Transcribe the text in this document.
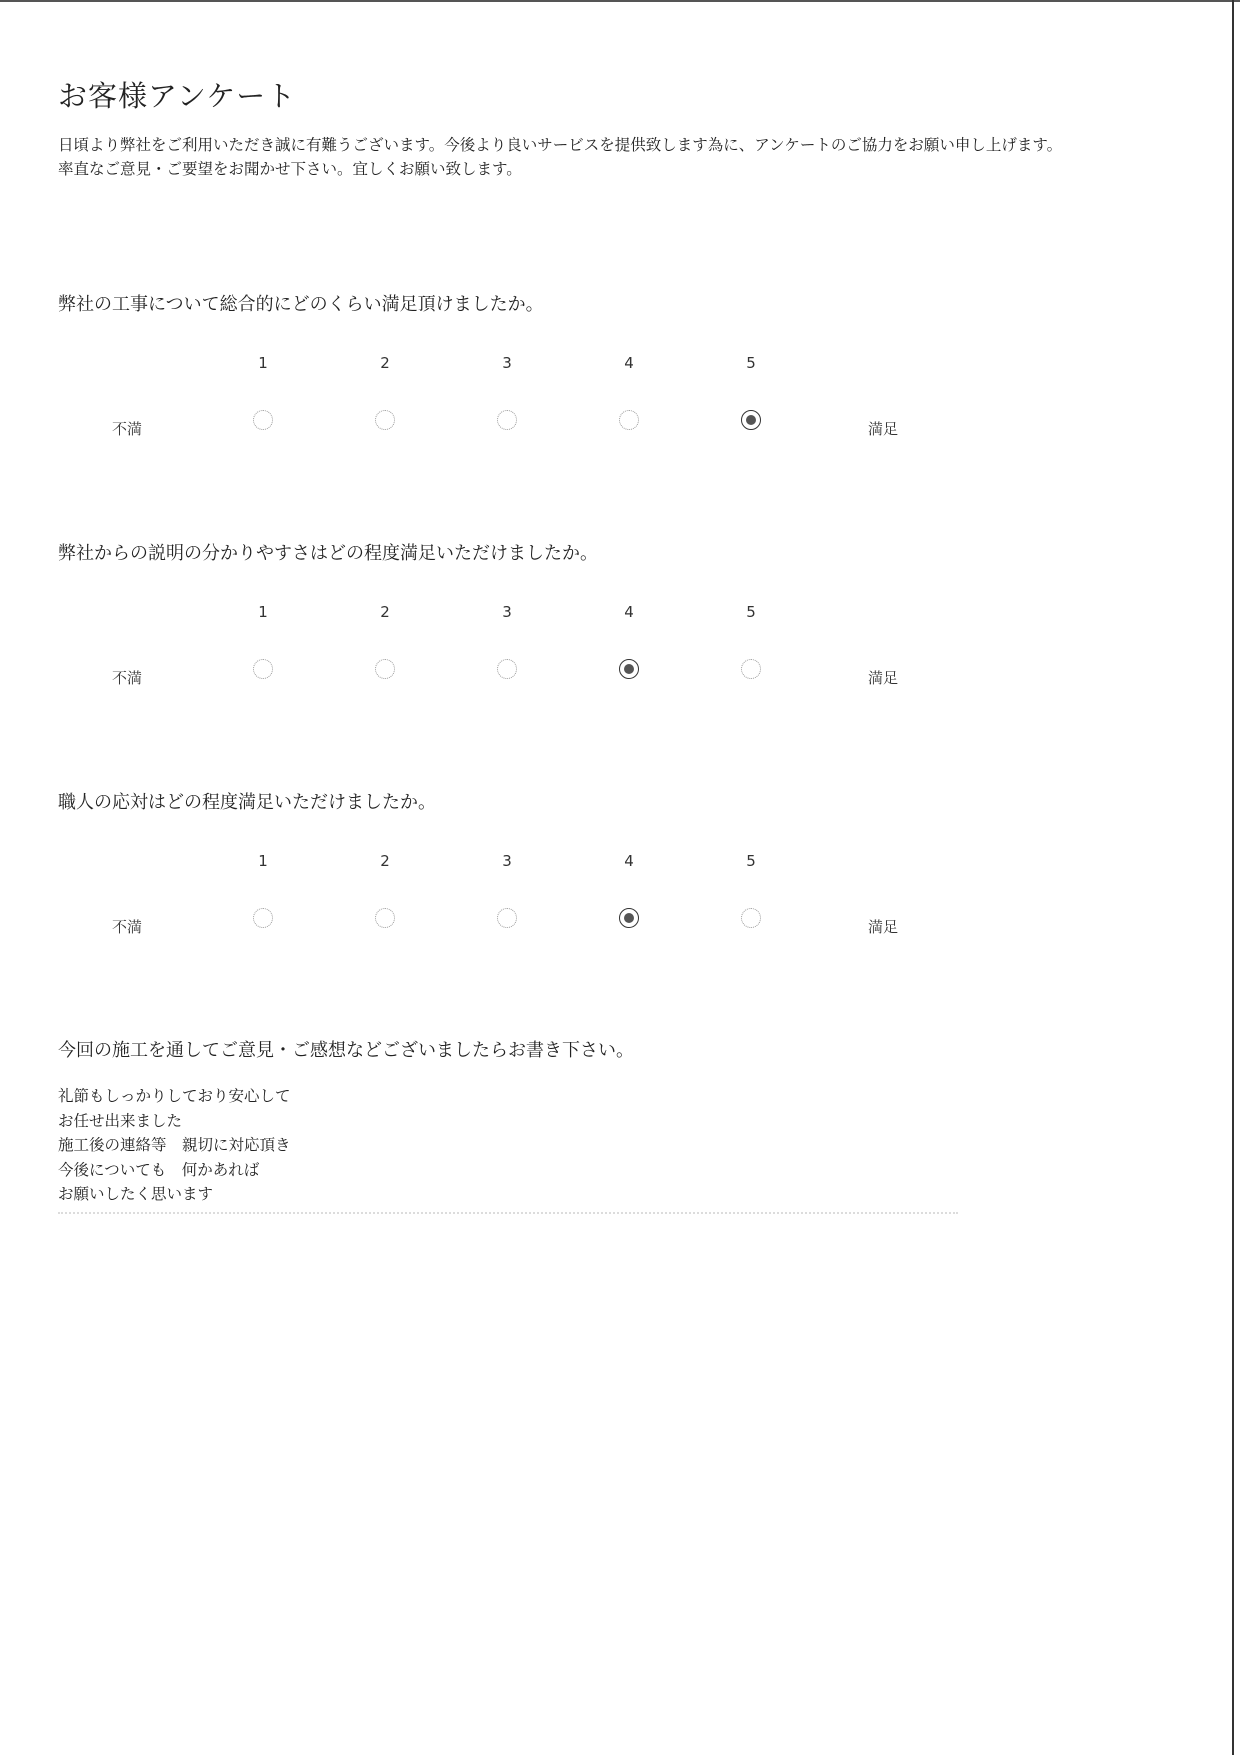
お客様アンケート

日頃より弊社をご利用いただき誠に有難うございます。今後より良いサービスを提供致します為に、アンケートのご協力をお願い申し上げます。

率直なご意見・ご要望をお聞かせ下さい。宜しくお願い致します。

弊社の工事について総合的にどのくらい満足頂けましたか。
1	2	3	4	5
不満	満足
弊社からの説明の分かりやすさはどの程度満足いただけましたか。
1	2	3	4	5
不満	満足
職人の応対はどの程度満足いただけましたか。
1	2	3	4	5
不満	満足
今回の施工を通してご意見・ご感想などございましたらお書き下さい。
礼節もしっかりしており安心して
お任せ出来ました
施工後の連絡等　親切に対応頂き
今後についても　何かあれば
お願いしたく思います
